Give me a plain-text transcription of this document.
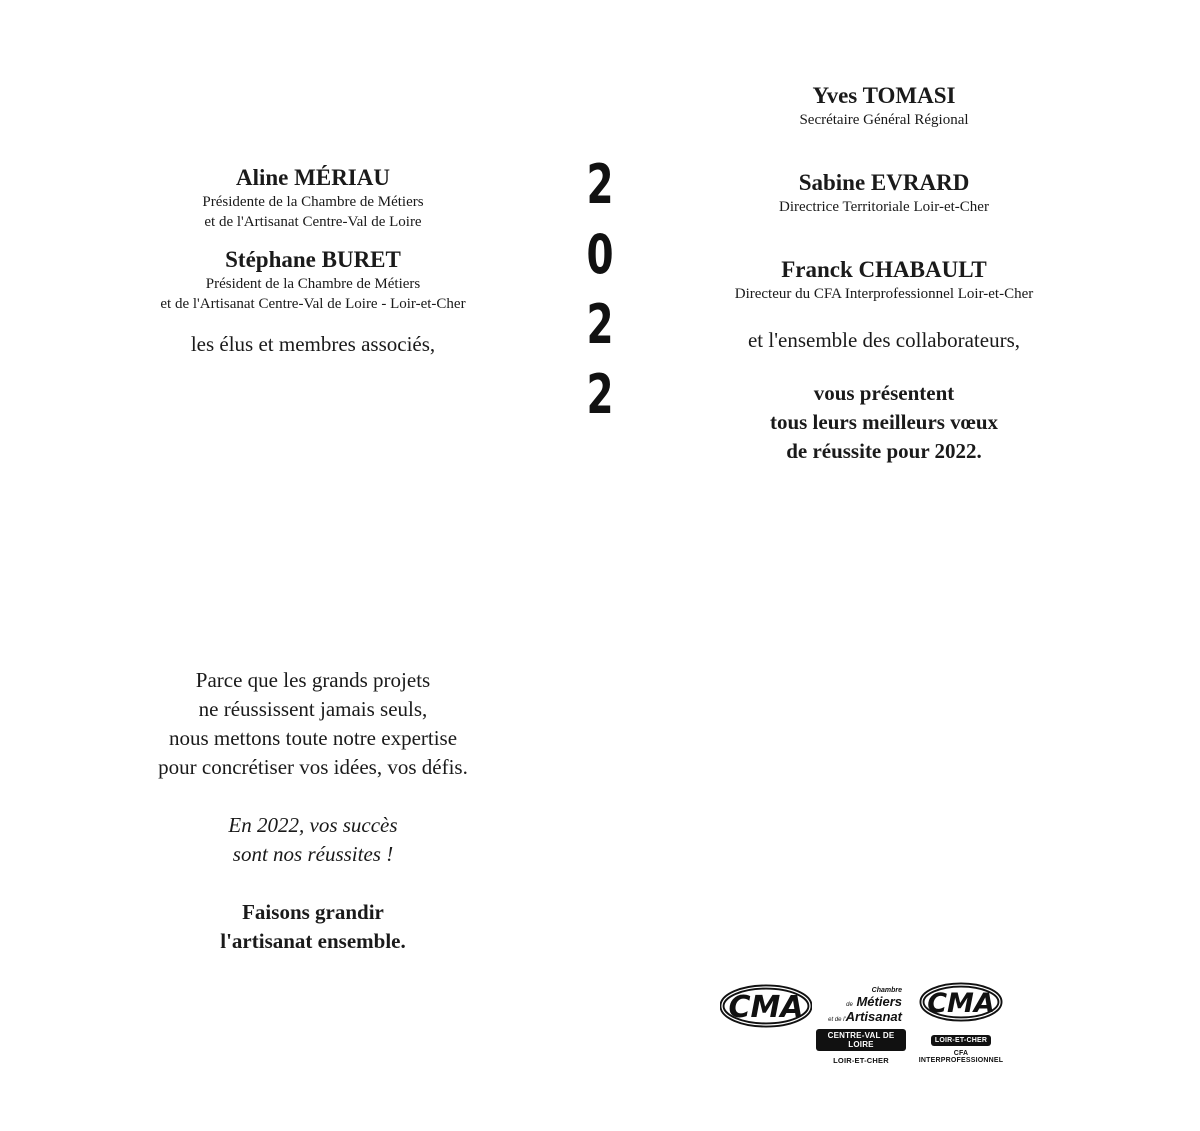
Aline MÉRIAU
Présidente de la Chambre de Métiers
et de l'Artisanat Centre-Val de Loire
Stéphane BURET
Président de la Chambre de Métiers
et de l'Artisanat Centre-Val de Loire - Loir-et-Cher
les élus et membres associés,
2
0
2
2
Yves TOMASI
Secrétaire Général Régional
Sabine EVRARD
Directrice Territoriale Loir-et-Cher
Franck CHABAULT
Directeur du CFA Interprofessionnel Loir-et-Cher
et l'ensemble des collaborateurs,
vous présentent
tous leurs meilleurs vœux
de réussite pour 2022.
Parce que les grands projets
ne réussissent jamais seuls,
nous mettons toute notre expertise
pour concrétiser vos idées, vos défis.
En 2022, vos succès
sont nos réussites !
Faisons grandir
l'artisanat ensemble.
CMA	Chambre
de Métiers
et de l'Artisanat
CENTRE-VAL DE LOIRE
LOIR-ET-CHER
CMA
LOIR-ET-CHER
CFA INTERPROFESSIONNEL
